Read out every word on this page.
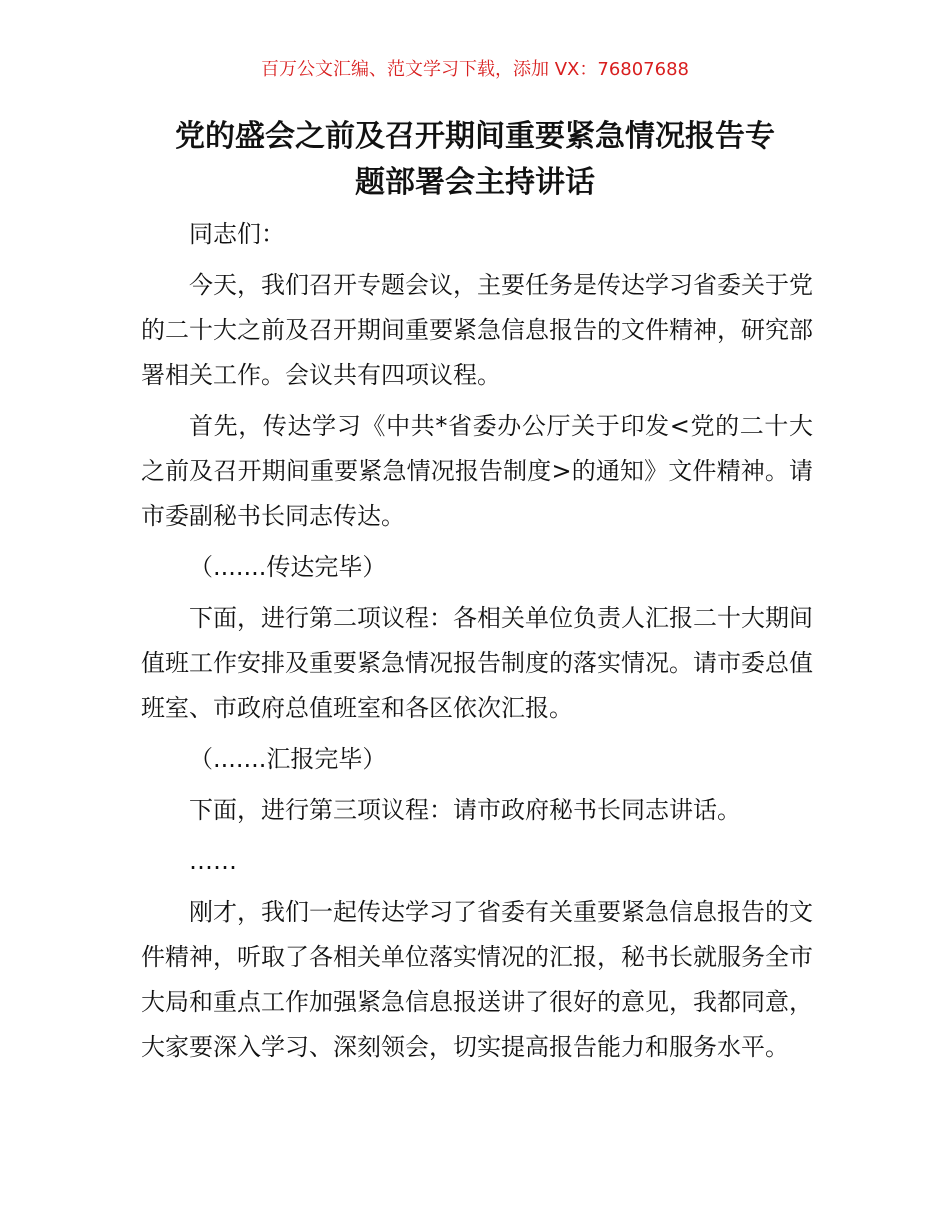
百万公文汇编、范文学习下载，添加 VX：76807688
党的盛会之前及召开期间重要紧急情况报告专
题部署会主持讲话

同志们：

今天，我们召开专题会议，主要任务是传达学习省委关于党的二十大之前及召开期间重要紧急信息报告的文件精神，研究部署相关工作。会议共有四项议程。

首先，传达学习《中共*省委办公厅关于印发<党的二十大之前及召开期间重要紧急情况报告制度>的通知》文件精神。请市委副秘书长同志传达。

（.......传达完毕）

下面，进行第二项议程：各相关单位负责人汇报二十大期间值班工作安排及重要紧急情况报告制度的落实情况。请市委总值班室、市政府总值班室和各区依次汇报。

（.......汇报完毕）

下面，进行第三项议程：请市政府秘书长同志讲话。

……

刚才，我们一起传达学习了省委有关重要紧急信息报告的文件精神，听取了各相关单位落实情况的汇报，秘书长就服务全市大局和重点工作加强紧急信息报送讲了很好的意见，我都同意，大家要深入学习、深刻领会，切实提高报告能力和服务水平。
